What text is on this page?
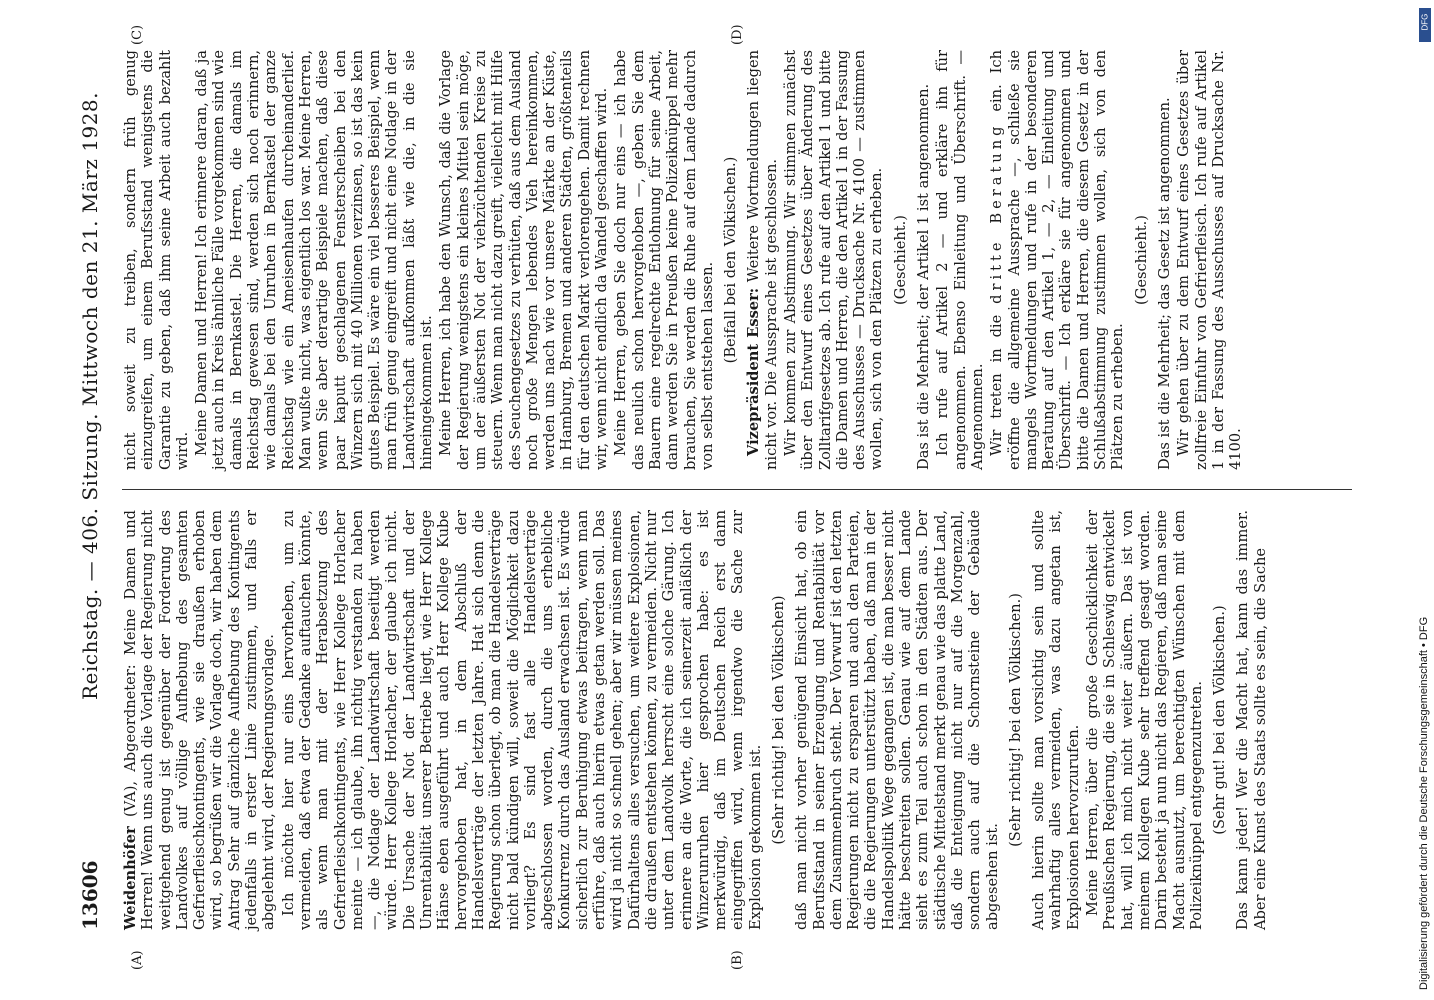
13606
Reichstag. — 406. Sitzung. Mittwoch den 21. März 1928.
(A)	(B)
(C)	(D)

Weidenhöfer (VA), Abgeordneter: Meine Damen und Herren! Wenn uns auch die Vorlage der Regierung nicht weitgehend genug ist gegenüber der Forderung des Landvolkes auf völlige Aufhebung des gesamten Gefrierfleischkontingents, wie sie draußen erhoben wird, so begrüßen wir die Vorlage doch, wir haben dem Antrag Sehr auf gänzliche Aufhebung des Kontingents jedenfalls in erster Linie zustimmen, und falls er abgelehnt wird, der Regierungsvorlage. Ich möchte hier nur eins hervorheben, um zu vermeiden, daß etwa der Gedanke auftauchen könnte, als wenn man mit der Herabsetzung des Gefrierfleischkontingents, wie Herr Kollege Horlacher meinte — ich glaube, ihn richtig verstanden zu haben —, die Notlage der Landwirtschaft beseitigt werden würde. Herr Kollege Horlacher, der glaube ich nicht. Die Ursache der Not der Landwirtschaft und der Unrentabilität unserer Betriebe liegt, wie Herr Kollege Hänse eben ausgeführt und auch Herr Kollege Kube hervorgehoben hat, in dem Abschluß der Handelsverträge der letzten Jahre. Hat sich denn die Regierung schon überlegt, ob man die Handelsverträge nicht bald kündigen will, soweit die Möglichkeit dazu vorliegt? Es sind fast alle Handelsverträge abgeschlossen worden, durch die uns erhebliche Konkurrenz durch das Ausland erwachsen ist. Es würde sicherlich zur Beruhigung etwas beitragen, wenn man erführe, daß auch hierin etwas getan werden soll. Das wird ja nicht so schnell gehen; aber wir müssen meines Dafürhaltens alles versuchen, um weitere Explosionen, die draußen entstehen können, zu vermeiden. Nicht nur unter dem Landvolk herrscht eine solche Gärung. Ich erinnere an die Worte, die ich seinerzeit anläßlich der Winzerunruhen hier gesprochen habe: es ist merkwürdig, daß im Deutschen Reich erst dann eingegriffen wird, wenn irgendwo die Sache zur Explosion gekommen ist. (Sehr richtig! bei den Völkischen) daß man nicht vorher genügend Einsicht hat, ob ein Berufsstand in seiner Erzeugung und Rentabilität vor dem Zusammenbruch steht. Der Vorwurf ist den letzten Regierungen nicht zu ersparen und auch den Parteien, die die Regierungen unterstützt haben, daß man in der Handelspolitik Wege gegangen ist, die man besser nicht hätte beschreiten sollen. Genau wie auf dem Lande sieht es zum Teil auch schon in den Städten aus. Der städtische Mittelstand merkt genau wie das platte Land, daß die Enteignung nicht nur auf die Morgenzahl, sondern auch auf die Schornsteine der Gebäude abgesehen ist.

(Sehr richtig! bei den Völkischen.) Auch hierin sollte man vorsichtig sein und sollte wahrhaftig alles vermeiden, was dazu angetan ist, Explosionen hervorzurufen. Meine Herren, über die große Geschicklichkeit der Preußischen Regierung, die sie in Schleswig entwickelt hat, will ich mich nicht weiter äußern. Das ist von meinem Kollegen Kube sehr treffend gesagt worden. Darin besteht ja nun nicht das Regieren, daß man seine Macht ausnutzt, um berechtigten Wünschen mit dem Polizeiknüppel entgegenzutreten. (Sehr gut! bei den Völkischen.) Das kann jeder! Wer die Macht hat, kann das immer. Aber eine Kunst des Staats sollte es sein, die Sache

nicht soweit zu treiben, sondern früh genug einzugreifen, um einem Berufsstand wenigstens die Garantie zu geben, daß ihm seine Arbeit auch bezahlt wird. Meine Damen und Herren! Ich erinnere daran, daß ja jetzt auch in Kreis ähnliche Fälle vorgekommen sind wie damals in Bernkastel. Die Herren, die damals im Reichstag gewesen sind, werden sich noch erinnern, wie damals bei den Unruhen in Bernkastel der ganze Reichstag wie ein Ameisenhaufen durcheinanderlief. Man wußte nicht, was eigentlich los war. Meine Herren, wenn Sie aber derartige Beispiele machen, daß diese paar kaputt geschlagenen Fensterscheiben bei den Winzern sich mit 40 Millionen verzinsen, so ist das kein gutes Beispiel. Es wäre ein viel besseres Beispiel, wenn man früh genug eingreift und nicht eine Notlage in der Landwirtschaft aufkommen läßt wie die, in die sie hineingekommen ist. Meine Herren, ich habe den Wunsch, daß die Vorlage der Regierung wenigstens ein kleines Mittel sein möge, um der äußersten Not der viehzüchtenden Kreise zu steuern. Wenn man nicht dazu greift, vielleicht mit Hilfe des Seuchengesetzes zu verhüten, daß aus dem Ausland noch große Mengen lebendes Vieh hereinkommen, werden uns nach wie vor unsere Märkte an der Küste, in Hamburg, Bremen und anderen Städten, größtenteils für den deutschen Markt verlorengehen. Damit rechnen wir, wenn nicht endlich da Wandel geschaffen wird. Meine Herren, geben Sie doch nur eins — ich habe das neulich schon hervorgehoben —, geben Sie dem Bauern eine regelrechte Entlohnung für seine Arbeit, dann werden Sie in Preußen keine Polizeiknüppel mehr brauchen, Sie werden die Ruhe auf dem Lande dadurch von selbst entstehen lassen.

(Beifall bei den Völkischen.)

Vizepräsident Esser: Weitere Wortmeldungen liegen nicht vor. Die Aussprache ist geschlossen. Wir kommen zur Abstimmung. Wir stimmen zunächst über den Entwurf eines Gesetzes über Änderung des Zolltarifgesetzes ab. Ich rufe auf den Artikel 1 und bitte die Damen und Herren, die den Artikel 1 in der Fassung des Ausschusses — Drucksache Nr. 4100 — zustimmen wollen, sich von den Plätzen zu erheben. (Geschieht.) Das ist die Mehrheit; der Artikel 1 ist angenommen. Ich rufe auf Artikel 2 — und erkläre ihn für angenommen. Ebenso Einleitung und Überschrift. — Angenommen. Wir treten in die dritte Beratung ein. Ich eröffne die allgemeine Aussprache —, schließe sie mangels Wortmeldungen und rufe in der besonderen Beratung auf den Artikel 1, — 2, — Einleitung und Überschrift. — Ich erkläre sie für angenommen und bitte die Damen und Herren, die diesem Gesetz in der Schlußabstimmung zustimmen wollen, sich von den Plätzen zu erheben.

(Geschieht.) Das ist die Mehrheit; das Gesetz ist angenommen. Wir gehen über zu dem Entwurf eines Gesetzes über zollfreie Einfuhr von Gefrierfleisch. Ich rufe auf Artikel 1 in der Fassung des Ausschusses auf Drucksache Nr. 4100.

Digitalisierung gefördert durch die Deutsche Forschungsgemeinschaft • DFG
DFG
